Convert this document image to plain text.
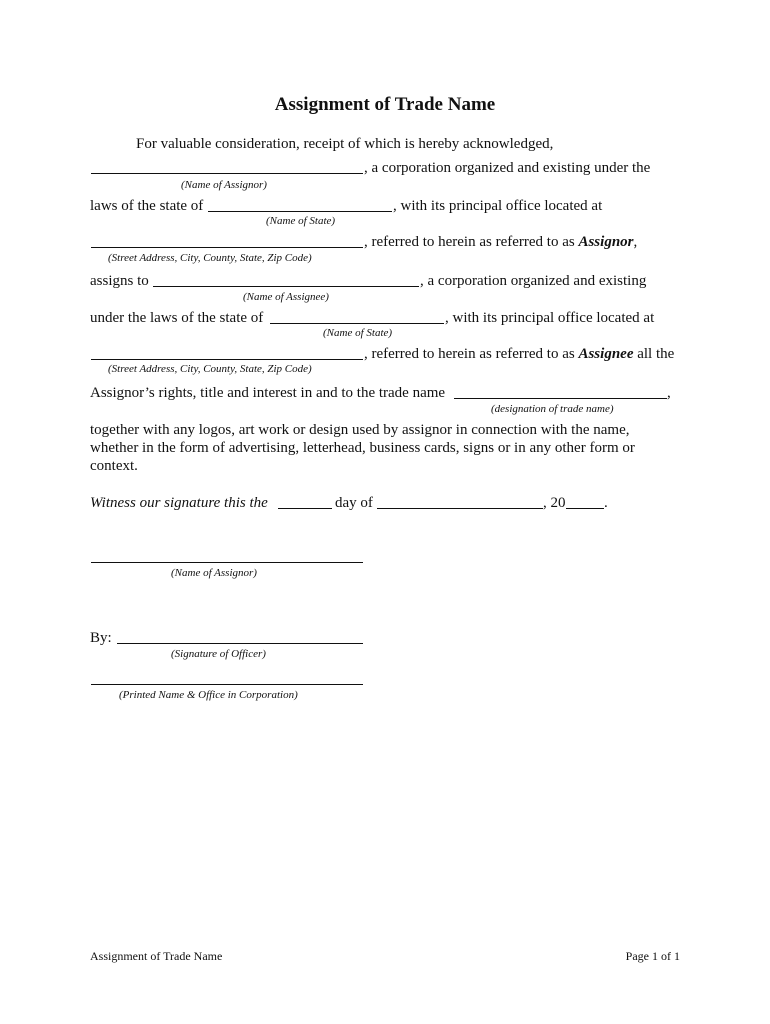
Assignment of Trade Name
For valuable consideration, receipt of which is hereby acknowledged,
, a corporation organized and existing under the
(Name of Assignor)
laws of the state of	, with its principal office located at
(Name of State)
, referred to herein as referred to as Assignor,
(Street Address, City, County, State, Zip Code)
assigns to	, a corporation organized and existing
(Name of Assignee)
under the laws of the state of	, with its principal office located at
(Name of State)
, referred to herein as referred to as Assignee all the
(Street Address, City, County, State, Zip Code)
Assignor’s rights, title and interest in and to the trade name	,
(designation of trade name)
together with any logos, art work or design used by assignor in connection with the name, whether in the form of advertising, letterhead, business cards, signs or in any other form or context.
Witness our signature this the	day of	, 20	.
(Name of Assignor)
By:
(Signature of Officer)
(Printed Name & Office in Corporation)
Assignment of Trade Name	Page 1 of 1
